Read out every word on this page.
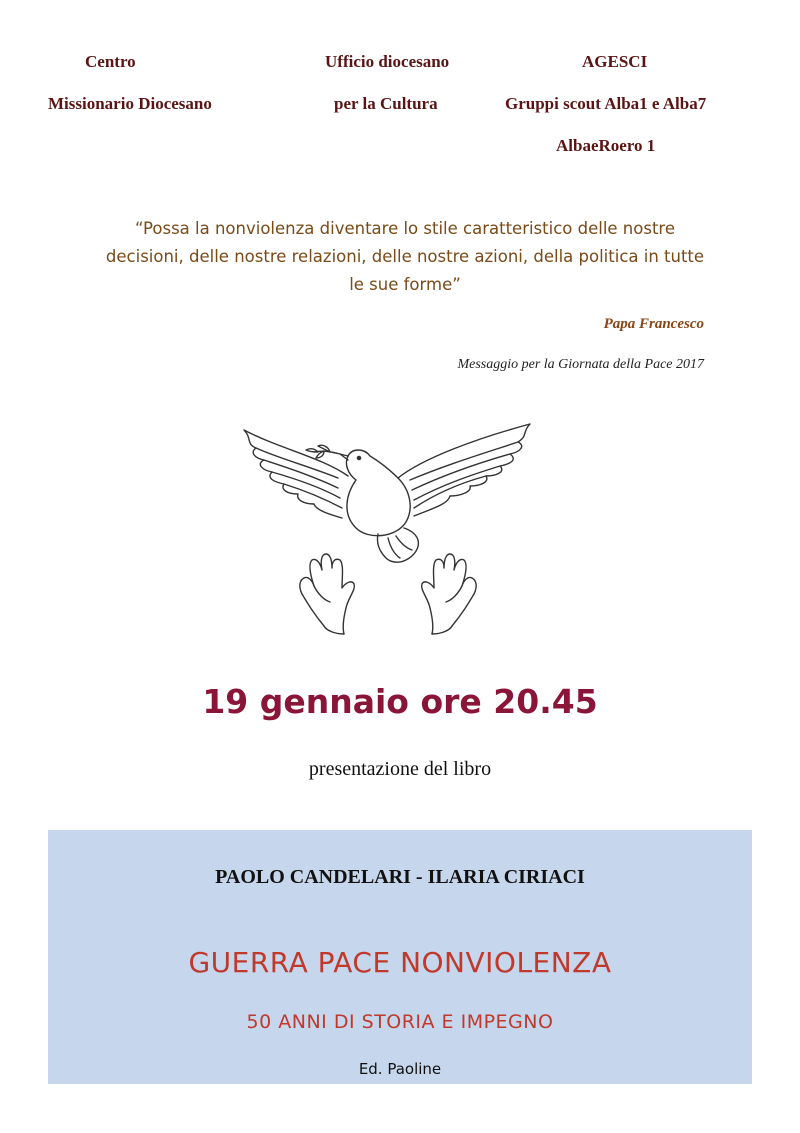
Centro
Missionario Diocesano
Ufficio diocesano
per la Cultura
AGESCI
Gruppi scout Alba1 e Alba7
AlbaeRoero 1
“Possa la nonviolenza diventare lo stile caratteristico delle nostre decisioni, delle nostre relazioni, delle nostre azioni, della politica in tutte le sue forme”
Papa Francesco
Messaggio per la Giornata della Pace 2017
19 gennaio ore 20.45
presentazione del libro
PAOLO CANDELARI - ILARIA CIRIACI
GUERRA PACE NONVIOLENZA
50 ANNI DI STORIA E IMPEGNO
Ed. Paoline
